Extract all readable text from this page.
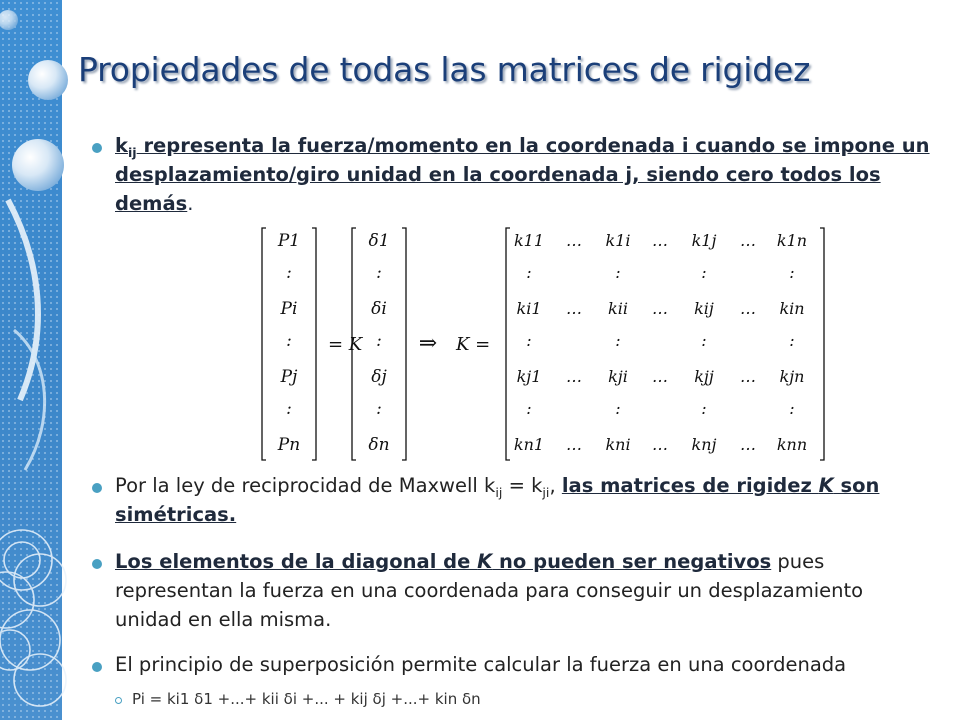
Propiedades de todas las matrices de rigidez

$k_{ij}$ representa la fuerza/momento en la coordenada i cuando se impone un desplazamiento/giro unidad en la coordenada j, siendo cero todos los demás.

P1
:
Pi
:
Pj
:
Pn
= K
δ1
:
δi
:
δj
:
δn
⇒ K =
k11 … k1i … k1j … k1n
:	:	:	:
ki1 … kii … kij … kin
:	:	:	:
kj1 … kji … kjj … kjn
:	:	:	:
kn1 … kni … knj … knn

Por la ley de reciprocidad de Maxwell $k_{ij} = k_{ji}$, las matrices de rigidez K son simétricas.

Los elementos de la diagonal de K no pueden ser negativos pues representan la fuerza en una coordenada para conseguir un desplazamiento unidad en ella misma.

El principio de superposición permite calcular la fuerza en una coordenada

Pi = ki1 δ1 +...+ kii δi +... + kij δj +...+ kin δn
